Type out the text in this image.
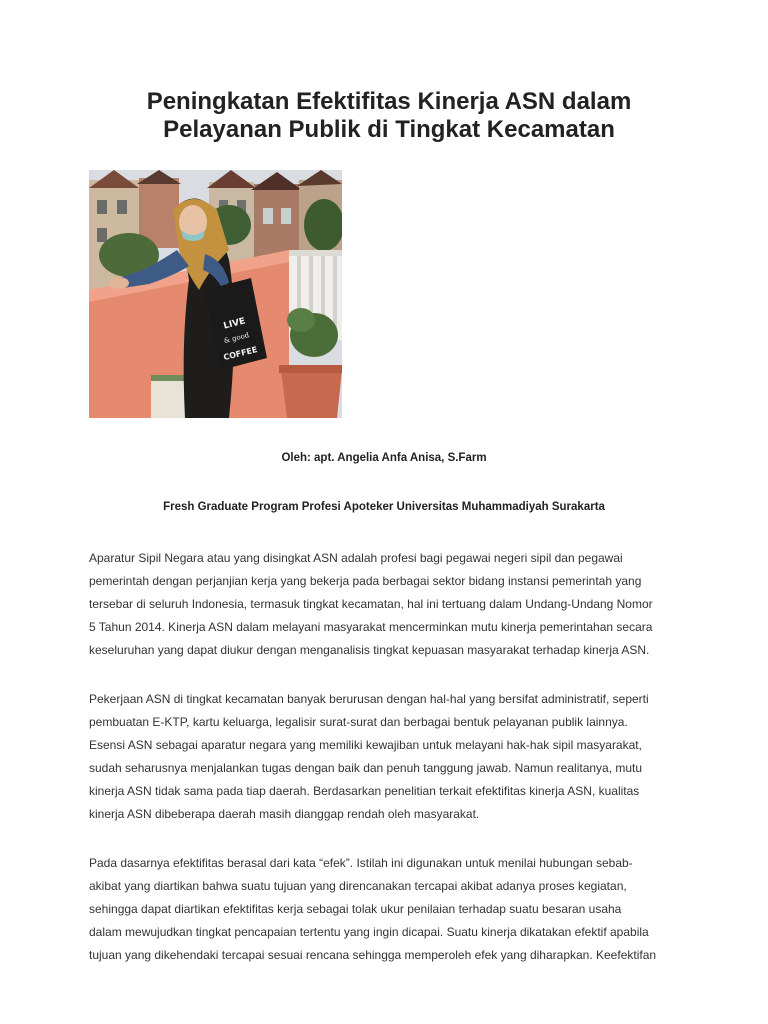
Peningkatan Efektifitas Kinerja ASN dalam
Pelayanan Publik di Tingkat Kecamatan
LIVE
& good
COFFEE
Oleh: apt. Angelia Anfa Anisa, S.Farm
Fresh Graduate Program Profesi Apoteker Universitas Muhammadiyah Surakarta

Aparatur Sipil Negara atau yang disingkat ASN adalah profesi bagi pegawai negeri sipil dan pegawai
pemerintah dengan perjanjian kerja yang bekerja pada berbagai sektor bidang instansi pemerintah yang
tersebar di seluruh Indonesia, termasuk tingkat kecamatan, hal ini tertuang dalam Undang-Undang Nomor
5 Tahun 2014. Kinerja ASN dalam melayani masyarakat mencerminkan mutu kinerja pemerintahan secara
keseluruhan yang dapat diukur dengan menganalisis tingkat kepuasan masyarakat terhadap kinerja ASN.

Pekerjaan ASN di tingkat kecamatan banyak berurusan dengan hal-hal yang bersifat administratif, seperti
pembuatan E-KTP, kartu keluarga, legalisir surat-surat dan berbagai bentuk pelayanan publik lainnya.
Esensi ASN sebagai aparatur negara yang memiliki kewajiban untuk melayani hak-hak sipil masyarakat,
sudah seharusnya menjalankan tugas dengan baik dan penuh tanggung jawab. Namun realitanya, mutu
kinerja ASN tidak sama pada tiap daerah. Berdasarkan penelitian terkait efektifitas kinerja ASN, kualitas
kinerja ASN dibeberapa daerah masih dianggap rendah oleh masyarakat.

Pada dasarnya efektifitas berasal dari kata “efek”. Istilah ini digunakan untuk menilai hubungan sebab-
akibat yang diartikan bahwa suatu tujuan yang direncanakan tercapai akibat adanya proses kegiatan,
sehingga dapat diartikan efektifitas kerja sebagai tolak ukur penilaian terhadap suatu besaran usaha
dalam mewujudkan tingkat pencapaian tertentu yang ingin dicapai. Suatu kinerja dikatakan efektif apabila
tujuan yang dikehendaki tercapai sesuai rencana sehingga memperoleh efek yang diharapkan. Keefektifan
